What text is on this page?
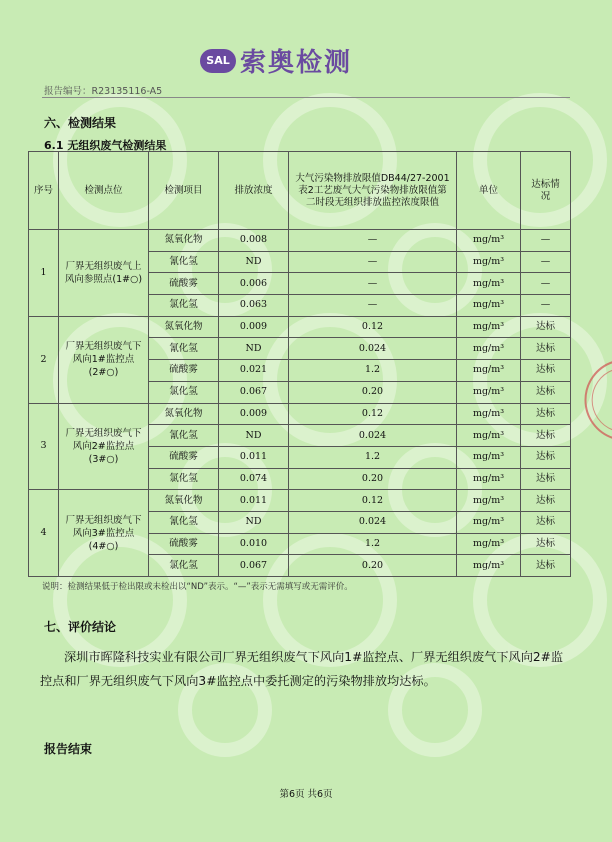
SAL 索奥检测
报告编号：R23135116-A5
六、检测结果
6.1 无组织废气检测结果
序号	检测点位	检测项目	排放浓度	大气污染物排放限值DB44/27-2001 表2工艺废气大气污染物排放限值第二时段无组织排放监控浓度限值	单位	达标情况
1	厂界无组织废气上风向参照点(1#○)	氮氧化物	0.008	—	mg/m³	—
		氰化氢	ND	—	mg/m³	—
		硫酸雾	0.006	—	mg/m³	—
		氯化氢	0.063	—	mg/m³	—
2	厂界无组织废气下风向1#监控点(2#○)	氮氧化物	0.009	0.12	mg/m³	达标
		氰化氢	ND	0.024	mg/m³	达标
		硫酸雾	0.021	1.2	mg/m³	达标
		氯化氢	0.067	0.20	mg/m³	达标
3	厂界无组织废气下风向2#监控点(3#○)	氮氧化物	0.009	0.12	mg/m³	达标
		氰化氢	ND	0.024	mg/m³	达标
		硫酸雾	0.011	1.2	mg/m³	达标
		氯化氢	0.074	0.20	mg/m³	达标
4	厂界无组织废气下风向3#监控点(4#○)	氮氧化物	0.011	0.12	mg/m³	达标
		氰化氢	ND	0.024	mg/m³	达标
		硫酸雾	0.010	1.2	mg/m³	达标
		氯化氢	0.067	0.20	mg/m³	达标
说明：检测结果低于检出限或未检出以“ND”表示。“—”表示无需填写或无需评价。
七、评价结论
深圳市晖隆科技实业有限公司厂界无组织废气下风向1#监控点、厂界无组织废气下风向2#监控点和厂界无组织废气下风向3#监控点中委托测定的污染物排放均达标。
报告结束
第6页 共6页
